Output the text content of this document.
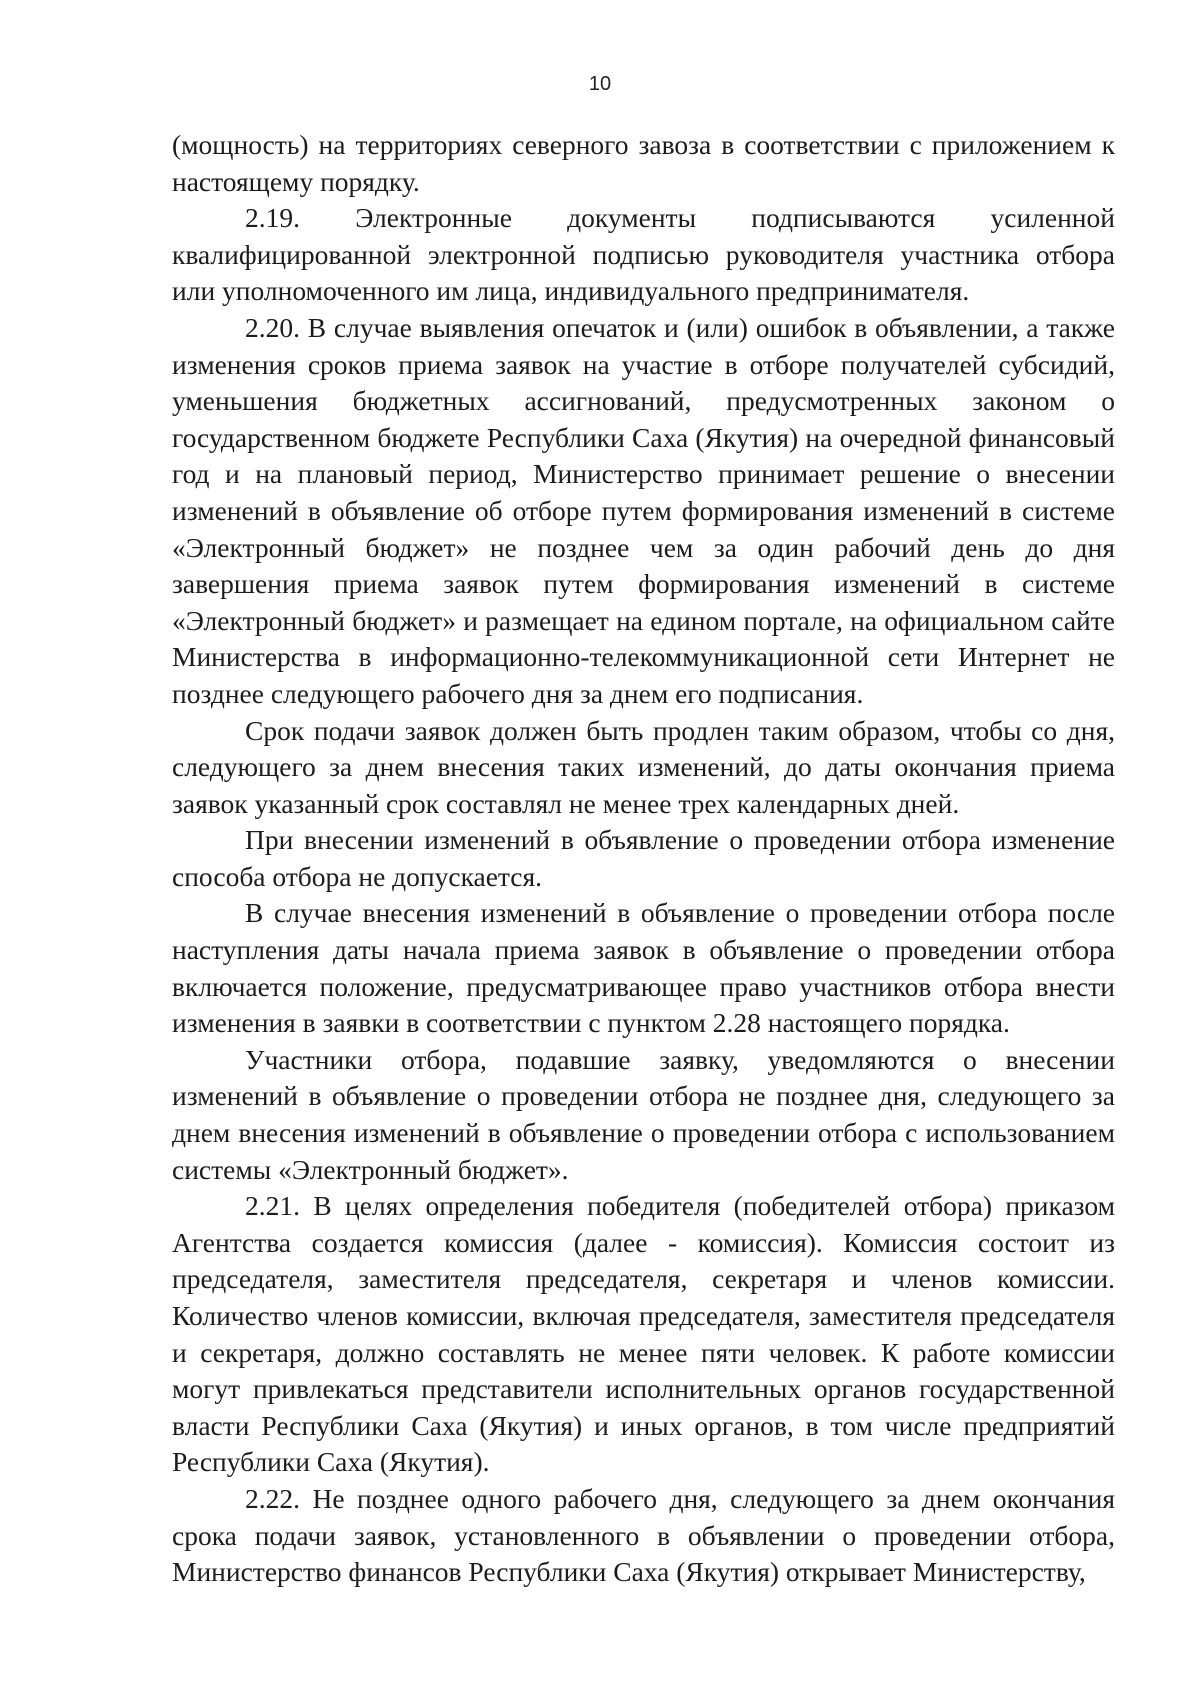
10

(мощность) на территориях северного завоза в соответствии с приложением к настоящему порядку.

2.19. Электронные документы подписываются усиленной квалифицированной электронной подписью руководителя участника отбора или уполномоченного им лица, индивидуального предпринимателя.

2.20. В случае выявления опечаток и (или) ошибок в объявлении, а также изменения сроков приема заявок на участие в отборе получателей субсидий, уменьшения бюджетных ассигнований, предусмотренных законом о государственном бюджете Республики Саха (Якутия) на очередной финансовый год и на плановый период, Министерство принимает решение о внесении изменений в объявление об отборе путем формирования изменений в системе «Электронный бюджет» не позднее чем за один рабочий день до дня завершения приема заявок путем формирования изменений в системе «Электронный бюджет» и размещает на едином портале, на официальном сайте Министерства в информационно-телекоммуникационной сети Интернет не позднее следующего рабочего дня за днем его подписания.

Срок подачи заявок должен быть продлен таким образом, чтобы со дня, следующего за днем внесения таких изменений, до даты окончания приема заявок указанный срок составлял не менее трех календарных дней.

При внесении изменений в объявление о проведении отбора изменение способа отбора не допускается.

В случае внесения изменений в объявление о проведении отбора после наступления даты начала приема заявок в объявление о проведении отбора включается положение, предусматривающее право участников отбора внести изменения в заявки в соответствии с пунктом 2.28 настоящего порядка.

Участники отбора, подавшие заявку, уведомляются о внесении изменений в объявление о проведении отбора не позднее дня, следующего за днем внесения изменений в объявление о проведении отбора с использованием системы «Электронный бюджет».

2.21. В целях определения победителя (победителей отбора) приказом Агентства создается комиссия (далее - комиссия). Комиссия состоит из председателя, заместителя председателя, секретаря и членов комиссии. Количество членов комиссии, включая председателя, заместителя председателя и секретаря, должно составлять не менее пяти человек. К работе комиссии могут привлекаться представители исполнительных органов государственной власти Республики Саха (Якутия) и иных органов, в том числе предприятий Республики Саха (Якутия).

2.22. Не позднее одного рабочего дня, следующего за днем окончания срока подачи заявок, установленного в объявлении о проведении отбора, Министерство финансов Республики Саха (Якутия) открывает Министерству,
